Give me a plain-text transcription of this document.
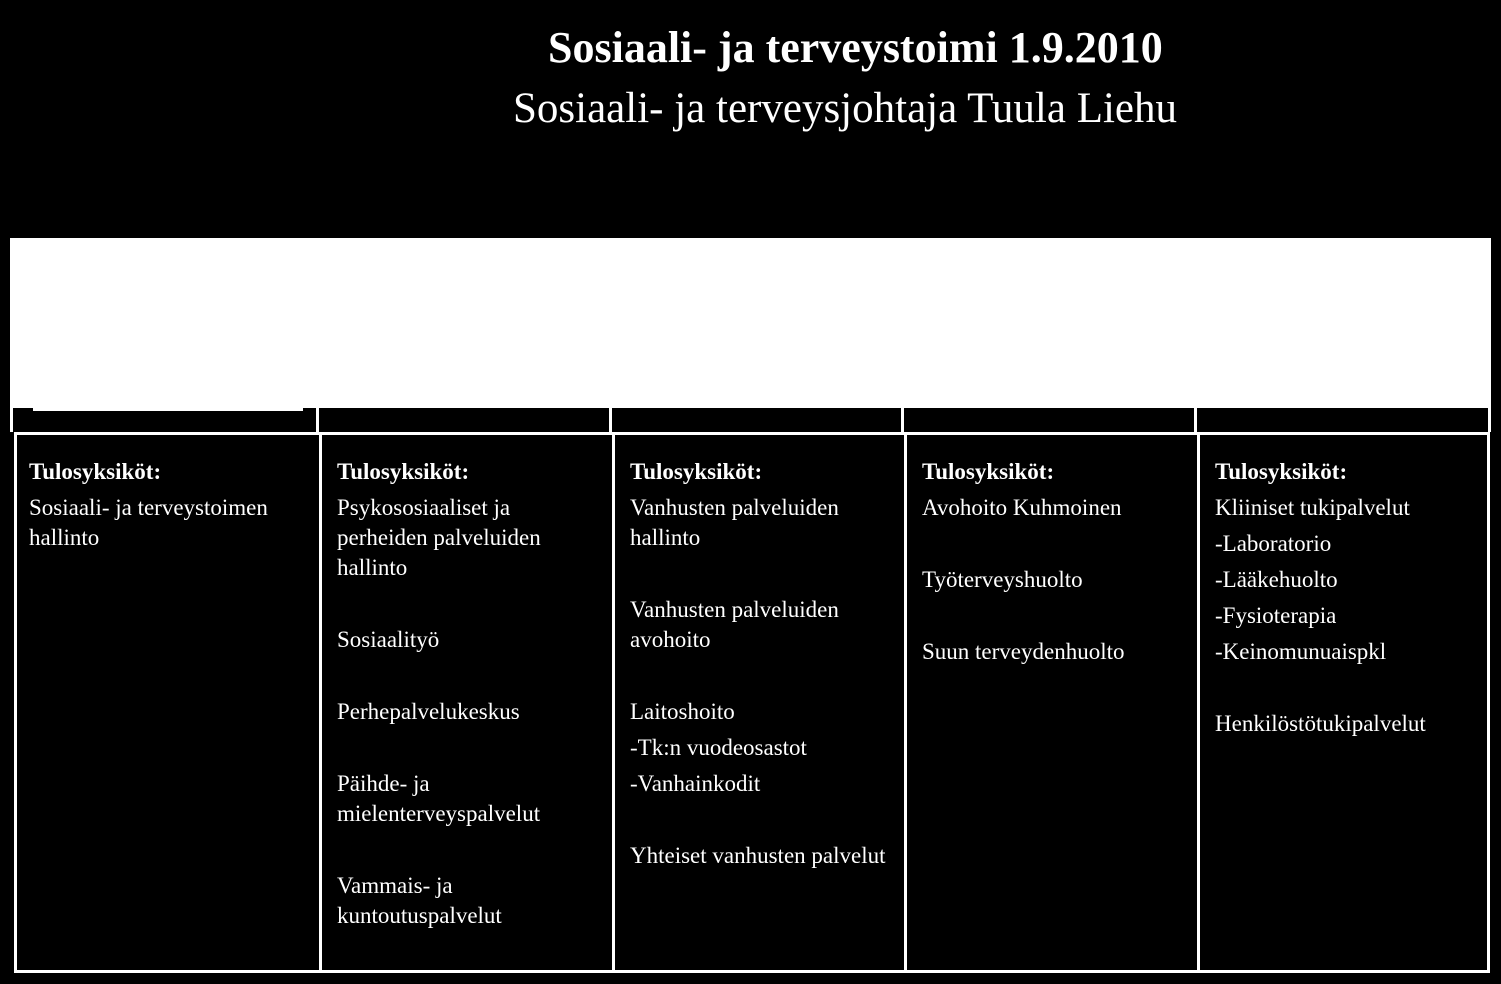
Sosiaali- ja terveystoimi 1.9.2010
Sosiaali- ja terveysjohtaja Tuula Liehu
Tulosyksiköt:
Sosiaali- ja terveystoimen hallinto
Tulosyksiköt:
Psykososiaaliset ja perheiden palveluiden hallinto
Sosiaalityö
Perhepalvelukeskus
Päihde- ja mielenterveyspalvelut
Vammais- ja kuntoutuspalvelut
Tulosyksiköt:
Vanhusten palveluiden hallinto
Vanhusten palveluiden avohoito
Laitoshoito
-Tk:n vuodeosastot
-Vanhainkodit
Yhteiset vanhusten palvelut
Tulosyksiköt:
Avohoito Kuhmoinen
Työterveyshuolto
Suun terveydenhuolto
Tulosyksiköt:
Kliiniset tukipalvelut
-Laboratorio
-Lääkehuolto
-Fysioterapia
-Keinomunuaispkl
Henkilöstötukipalvelut
